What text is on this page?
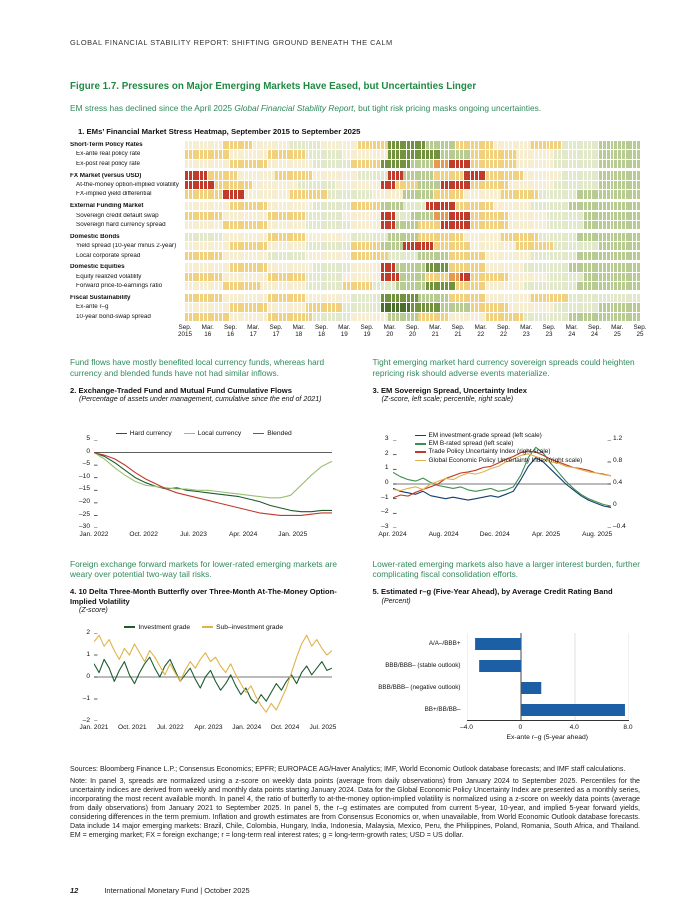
GLOBAL FINANCIAL STABILITY REPORT: SHIFTING GROUND BENEATH THE CALM
Figure 1.7. Pressures on Major Emerging Markets Have Eased, but Uncertainties Linger

EM stress has declined since the April 2025 Global Financial Stability Report, but tight risk pricing masks ongoing uncertainties.

1. EMs’ Financial Market Stress Heatmap, September 2015 to September 2025
Short-Term Policy Rates
Ex-ante real policy rate
Ex-post real policy rate
FX Market (versus USD)
At-the-money option-implied volatility
FX-implied yield differential
External Funding Market
Sovereign credit default swap
Sovereign hard currency spread
Domestic Bonds
Yield spread (10-year minus 2-year)
Local corporate spread
Domestic Equities
Equity realized volatility
Forward price-to-earnings ratio
Fiscal Sustainability
Ex-ante r–g
10-year bond-swap spread
Sep.
2015
Mar.
16
Sep.
16
Mar.
17
Sep.
17
Mar.
18
Sep.
18
Mar.
19
Sep.
19
Mar.
20
Sep.
20
Mar.
21
Sep.
21
Mar.
22
Sep.
22
Mar.
23
Sep.
23
Mar.
24
Sep.
24
Mar.
25
Sep.
25

Fund flows have mostly benefited local currency funds, whereas hard currency and blended funds have not had similar inflows.

Tight emerging market hard currency sovereign spreads could heighten repricing risk should adverse events materialize.

2. Exchange-Traded Fund and Mutual Fund Cumulative Flows
(Percentage of assets under management, cumulative since the end of 2021)
Hard currency	Local currency	Blended
5
0
–5
–10
–15
–20
–25
–30
Jan. 2022	Oct. 2022	Jul. 2023	Apr. 2024	Jan. 2025
3. EM Sovereign Spread, Uncertainty Index
(Z-score, left scale; percentile, right scale)
EM investment-grade spread (left scale)
EM B-rated spread (left scale)
Trade Policy Uncertainty Index (right scale)
Global Economic Policy Uncertainty Index (right scale)
3
2
1
0
–1
–2
–3
1.2
0.8
0.4
0
–0.4
Apr. 2024	Aug. 2024	Dec. 2024	Apr. 2025	Aug. 2025

Foreign exchange forward markets for lower-rated emerging markets are weary over potential two-way tail risks.

Lower-rated emerging markets also have a larger interest burden, further complicating fiscal consolidation efforts.

4. 10 Delta Three-Month Butterfly over Three-Month At-The-Money Option-Implied Volatility
(Z-score)
Investment grade	Sub–investment grade
2
1
0
–1
–2
Jan. 2021 Oct. 2021 Jul. 2022 Apr. 2023 Jan. 2024 Oct. 2024 Jul. 2025
5. Estimated r–g (Five-Year Ahead), by Average Credit Rating Band
(Percent)
A/A–/BBB+
BBB/BBB– (stable outlook)
BBB/BBB– (negative outlook)
BB+/BB/BB–
–4.0	0	4.0	8.0
Ex-ante r–g (5-year ahead)

Sources: Bloomberg Finance L.P.; Consensus Economics; EPFR; EUROPACE AG/Haver Analytics; IMF, World Economic Outlook database forecasts; and IMF staff calculations.

Note: In panel 3, spreads are normalized using a z-score on weekly data points (average from daily observations) from January 2024 to September 2025. Percentiles for the uncertainty indices are derived from weekly and monthly data points starting January 2024. Data for the Global Economic Policy Uncertainty Index are presented as a monthly series, incorporating the most recent available month. In panel 4, the ratio of butterfly to at-the-money option-implied volatility is normalized using a z-score on weekly data points (average from daily observations) from January 2021 to September 2025. In panel 5, the r–g estimates are computed from current 5-year, 10-year, and implied 5-year forward yields, considering differences in the term premium. Inflation and growth estimates are from Consensus Economics or, when unavailable, from World Economic Outlook database forecasts. Data include 14 major emerging markets: Brazil, Chile, Colombia, Hungary, India, Indonesia, Malaysia, Mexico, Peru, the Philippines, Poland, Romania, South Africa, and Thailand. EM = emerging market; FX = foreign exchange; r = long-term real interest rates; g = long-term-growth rates; USD = US dollar.

12	International Monetary Fund | October 2025
